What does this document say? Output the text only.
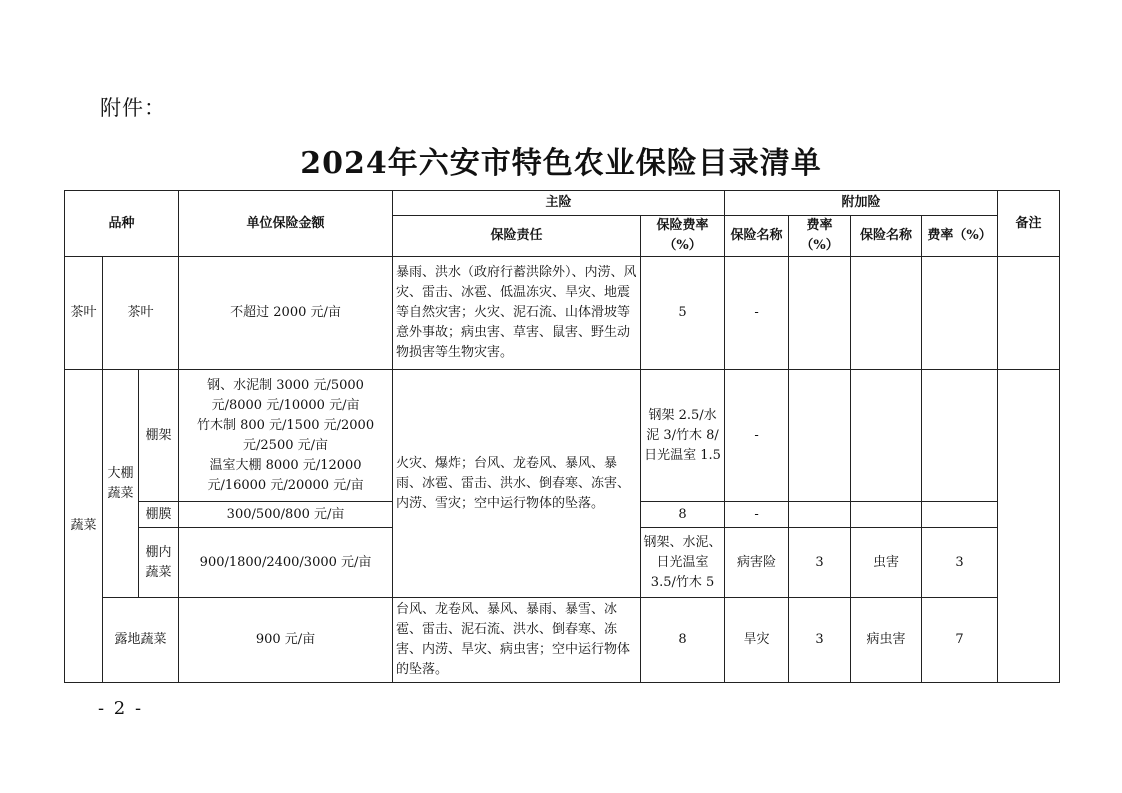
附件：
2024年六安市特色农业保险目录清单
品种			单位保险金额	主险		附加险				备注
				保险责任	保险费率（%）	保险名称	费率（%）	保险名称	费率（%）	
茶叶	茶叶		不超过 2000 元/亩	暴雨、洪水（政府行蓄洪除外）、内涝、风灾、雷击、冰雹、低温冻灾、旱灾、地震等自然灾害；火灾、泥石流、山体滑坡等意外事故；病虫害、草害、鼠害、野生动物损害等生物灾害。	5	-				
蔬菜	大棚蔬菜	棚架	钢、水泥制 3000 元/5000 元/8000 元/10000 元/亩
竹木制 800 元/1500 元/2000 元/2500 元/亩
温室大棚 8000 元/12000 元/16000 元/20000 元/亩	火灾、爆炸；台风、龙卷风、暴风、暴雨、冰雹、雷击、洪水、倒春寒、冻害、内涝、雪灾；空中运行物体的坠落。	钢架 2.5/水泥 3/竹木 8/日光温室 1.5	-				
		棚膜	300/500/800 元/亩		8	-				
		棚内蔬菜	900/1800/2400/3000 元/亩		钢架、水泥、日光温室 3.5/竹木 5	病害险	3	虫害	3	
	露地蔬菜		900 元/亩	台风、龙卷风、暴风、暴雨、暴雪、冰雹、雷击、泥石流、洪水、倒春寒、冻害、内涝、旱灾、病虫害；空中运行物体的坠落。	8	旱灾	3	病虫害	7	
- 2 -
